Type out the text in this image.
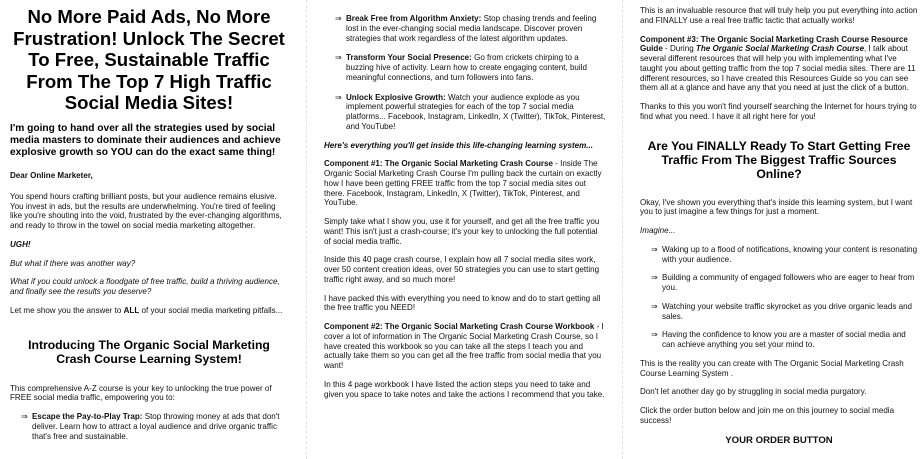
No More Paid Ads, No More Frustration! Unlock The Secret To Free, Sustainable Traffic From The Top 7 High Traffic Social Media Sites!
I'm going to hand over all the strategies used by social media masters to dominate their audiences and achieve explosive growth so YOU can do the exact same thing!

Dear Online Marketer,

You spend hours crafting brilliant posts, but your audience remains elusive. You invest in ads, but the results are underwhelming. You're tired of feeling like you're shouting into the void, frustrated by the ever-changing algorithms, and ready to throw in the towel on social media marketing altogether.

UGH!

But what if there was another way?

What if you could unlock a floodgate of free traffic, build a thriving audience, and finally see the results you deserve?

Let me show you the answer to ALL of your social media marketing pitfalls...

Introducing The Organic Social Marketing Crash Course Learning System!

This comprehensive A-Z course is your key to unlocking the true power of FREE social media traffic, empowering you to:

⇒ Escape the Pay-to-Play Trap: Stop throwing money at ads that don't deliver. Learn how to attract a loyal audience and drive organic traffic that's free and sustainable.

⇒ Break Free from Algorithm Anxiety: Stop chasing trends and feeling lost in the ever-changing social media landscape. Discover proven strategies that work regardless of the latest algorithm updates.

⇒ Transform Your Social Presence: Go from crickets chirping to a buzzing hive of activity. Learn how to create engaging content, build meaningful connections, and turn followers into fans.

⇒ Unlock Explosive Growth: Watch your audience explode as you implement powerful strategies for each of the top 7 social media platforms... Facebook, Instagram, LinkedIn, X (Twitter), TikTok, Pinterest, and YouTube!

Here's everything you'll get inside this life-changing learning system...

Component #1: The Organic Social Marketing Crash Course - Inside The Organic Social Marketing Crash Course I'm pulling back the curtain on exactly how I have been getting FREE traffic from the top 7 social media sites out there. Facebook, Instagram, LinkedIn, X (Twitter), TikTok, Pinterest, and YouTube.

Simply take what I show you, use it for yourself, and get all the free traffic you want! This isn't just a crash-course; it's your key to unlocking the full potential of social media traffic.

Inside this 40 page crash course, I explain how all 7 social media sites work, over 50 content creation ideas, over 50 strategies you can use to start getting traffic right away, and so much more!

I have packed this with everything you need to know and do to start getting all the free traffic you NEED!

Component #2: The Organic Social Marketing Crash Course Workbook - I cover a lot of information in The Organic Social Marketing Crash Course, so I have created this workbook so you can take all the steps I teach you and actually take them so you can get all the free traffic from social media that you want!

In this 4 page workbook I have listed the action steps you need to take and given you space to take notes and take the actions I recommend that you take.

This is an invaluable resource that will truly help you put everything into action and FINALLY use a real free traffic tactic that actually works!

Component #3: The Organic Social Marketing Crash Course Resource Guide - During The Organic Social Marketing Crash Course, I talk about several different resources that will help you with implementing what I've taught you about getting traffic from the top 7 social media sites. There are 11 different resources, so I have created this Resources Guide so you can see them all at a glance and have any that you need at just the click of a button.

Thanks to this you won't find yourself searching the Internet for hours trying to find what you need. I have it all right here for you!

Are You FINALLY Ready To Start Getting Free Traffic From The Biggest Traffic Sources Online?

Okay, I've shown you everything that's inside this learning system, but I want you to just imagine a few things for just a moment.

Imagine...

⇒ Waking up to a flood of notifications, knowing your content is resonating with your audience.

⇒ Building a community of engaged followers who are eager to hear from you.

⇒ Watching your website traffic skyrocket as you drive organic leads and sales.

⇒ Having the confidence to know you are a master of social media and can achieve anything you set your mind to.

This is the reality you can create with The Organic Social Marketing Crash Course Learning System .

Don't let another day go by struggling in social media purgatory.

Click the order button below and join me on this journey to social media success!

YOUR ORDER BUTTON
